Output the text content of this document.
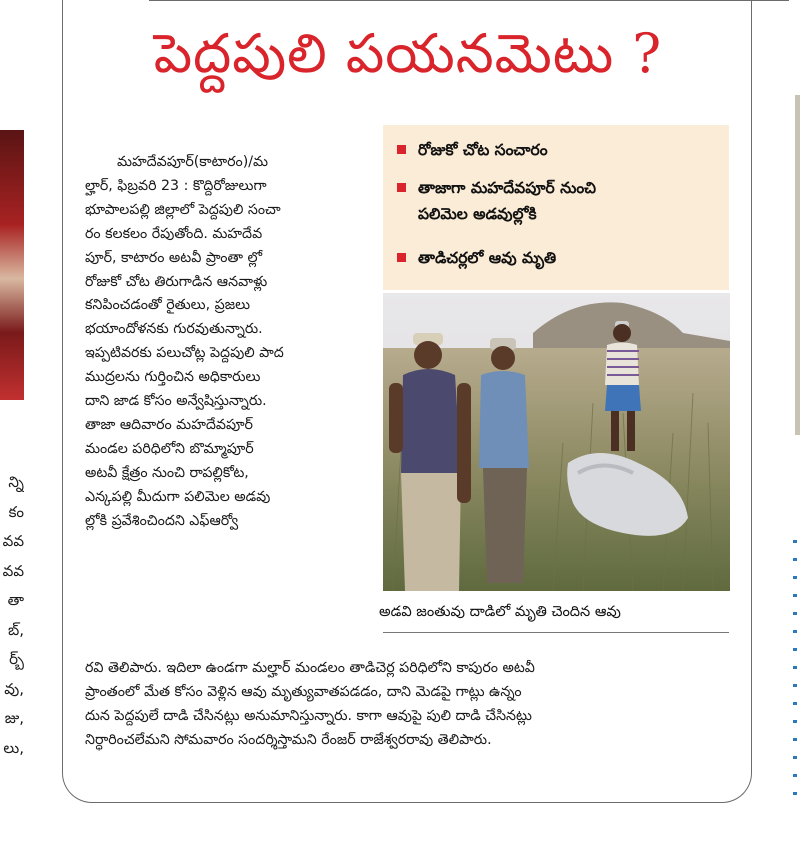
న్ని
కం
వవ
వవ
తా
బ్,
ర్బ్
వు,
జు,
లు,
పెద్దపులి పయనమెటు ?
మహదేవపూర్(కాటారం)/మ
ల్హార్, ఫిబ్రవరి 23 : కొద్దిరోజులుగా
భూపాలపల్లి జిల్లాలో పెద్దపులి సంచా
రం కలకలం రేపుతోంది. మహదేవ
పూర్, కాటారం అటవీ ప్రాంతా ల్లో
రోజుకో చోట తిరుగాడిన ఆనవాళ్లు
కనిపించడంతో రైతులు, ప్రజలు
భయాందోళనకు గురవుతున్నారు.
ఇప్పటివరకు పలుచోట్ల పెద్దపులి పాద
ముద్రలను గుర్తించిన అధికారులు
దాని జాడ కోసం అన్వేషిస్తున్నారు.
తాజా ఆదివారం మహదేవపూర్
మండల పరిధిలోని బొమ్మాపూర్
అటవీ క్షేత్రం నుంచి రాపల్లికోట,
ఎన్కపల్లి మీదుగా పలిమెల అడవు
ల్లోకి ప్రవేశించిందని ఎఫ్ఆర్వో
రోజుకో చోట సంచారం
తాజాగా మహదేవపూర్ నుంచి
పలిమెల అడవుల్లోకి
తాడిచర్లలో ఆవు మృతి
అడవి జంతువు దాడిలో మృతి చెందిన ఆవు
రవి తెలిపారు. ఇదిలా ఉండగా మల్హార్ మండలం తాడిచెర్ల పరిధిలోని కాపురం అటవీ
ప్రాంతంలో మేత కోసం వెళ్లిన ఆవు మృత్యువాతపడడం, దాని మెడపై గాట్లు ఉన్నం
దున పెద్దపులే దాడి చేసినట్లు అనుమానిస్తున్నారు. కాగా ఆవుపై పులి దాడి చేసినట్లు
నిర్ధారించలేమని సోమవారం సందర్శిస్తామని రేంజర్ రాజేశ్వరరావు తెలిపారు.
